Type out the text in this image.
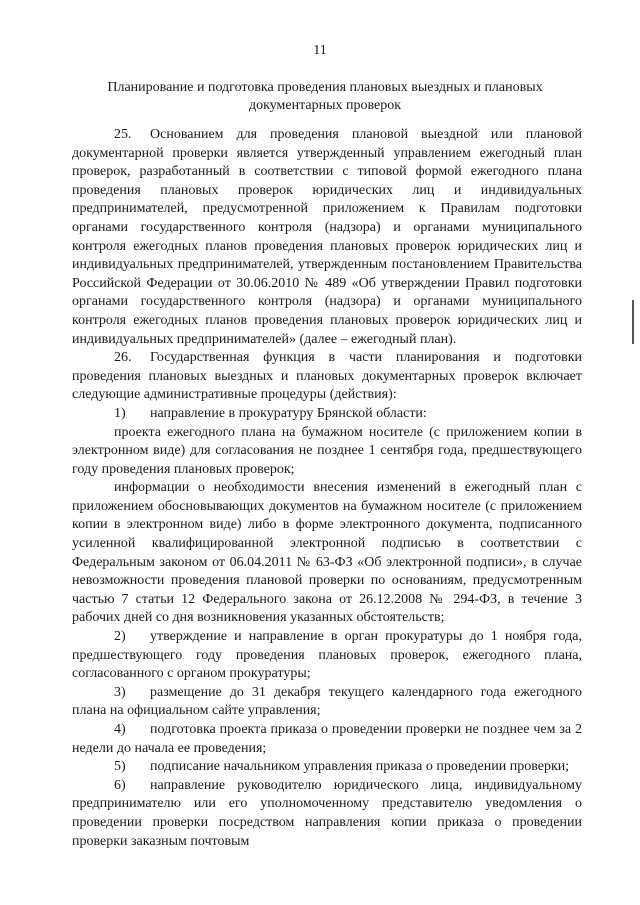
11
Планирование и подготовка проведения плановых выездных и плановых
документарных проверок

25. Основанием для проведения плановой выездной или плановой документарной проверки является утвержденный управлением ежегодный план проверок, разработанный в соответствии с типовой формой ежегодного плана проведения плановых проверок юридических лиц и индивидуальных предпринимателей, предусмотренной приложением к Правилам подготовки органами государственного контроля (надзора) и органами муниципального контроля ежегодных планов проведения плановых проверок юридических лиц и индивидуальных предпринимателей, утвержденным постановлением Правительства Российской Федерации от 30.06.2010 № 489 «Об утверждении Правил подготовки органами государственного контроля (надзора) и органами муниципального контроля ежегодных планов проведения плановых проверок юридических лиц и индивидуальных предпринимателей» (далее – ежегодный план).

26. Государственная функция в части планирования и подготовки проведения плановых выездных и плановых документарных проверок включает следующие административные процедуры (действия):

1) направление в прокуратуру Брянской области:

проекта ежегодного плана на бумажном носителе (с приложением копии в электронном виде) для согласования не позднее 1 сентября года, предшествующего году проведения плановых проверок;

информации о необходимости внесения изменений в ежегодный план с приложением обосновывающих документов на бумажном носителе (с приложением копии в электронном виде) либо в форме электронного документа, подписанного усиленной квалифицированной электронной подписью в соответствии с Федеральным законом от 06.04.2011 № 63-ФЗ «Об электронной подписи», в случае невозможности проведения плановой проверки по основаниям, предусмотренным частью 7 статьи 12 Федерального закона от 26.12.2008 № 294-ФЗ, в течение 3 рабочих дней со дня возникновения указанных обстоятельств;

2) утверждение и направление в орган прокуратуры до 1 ноября года, предшествующего году проведения плановых проверок, ежегодного плана, согласованного с органом прокуратуры;

3) размещение до 31 декабря текущего календарного года ежегодного плана на официальном сайте управления;

4) подготовка проекта приказа о проведении проверки не позднее чем за 2 недели до начала ее проведения;

5) подписание начальником управления приказа о проведении проверки;

6) направление руководителю юридического лица, индивидуальному предпринимателю или его уполномоченному представителю уведомления о проведении проверки посредством направления копии приказа о проведении проверки заказным почтовым
